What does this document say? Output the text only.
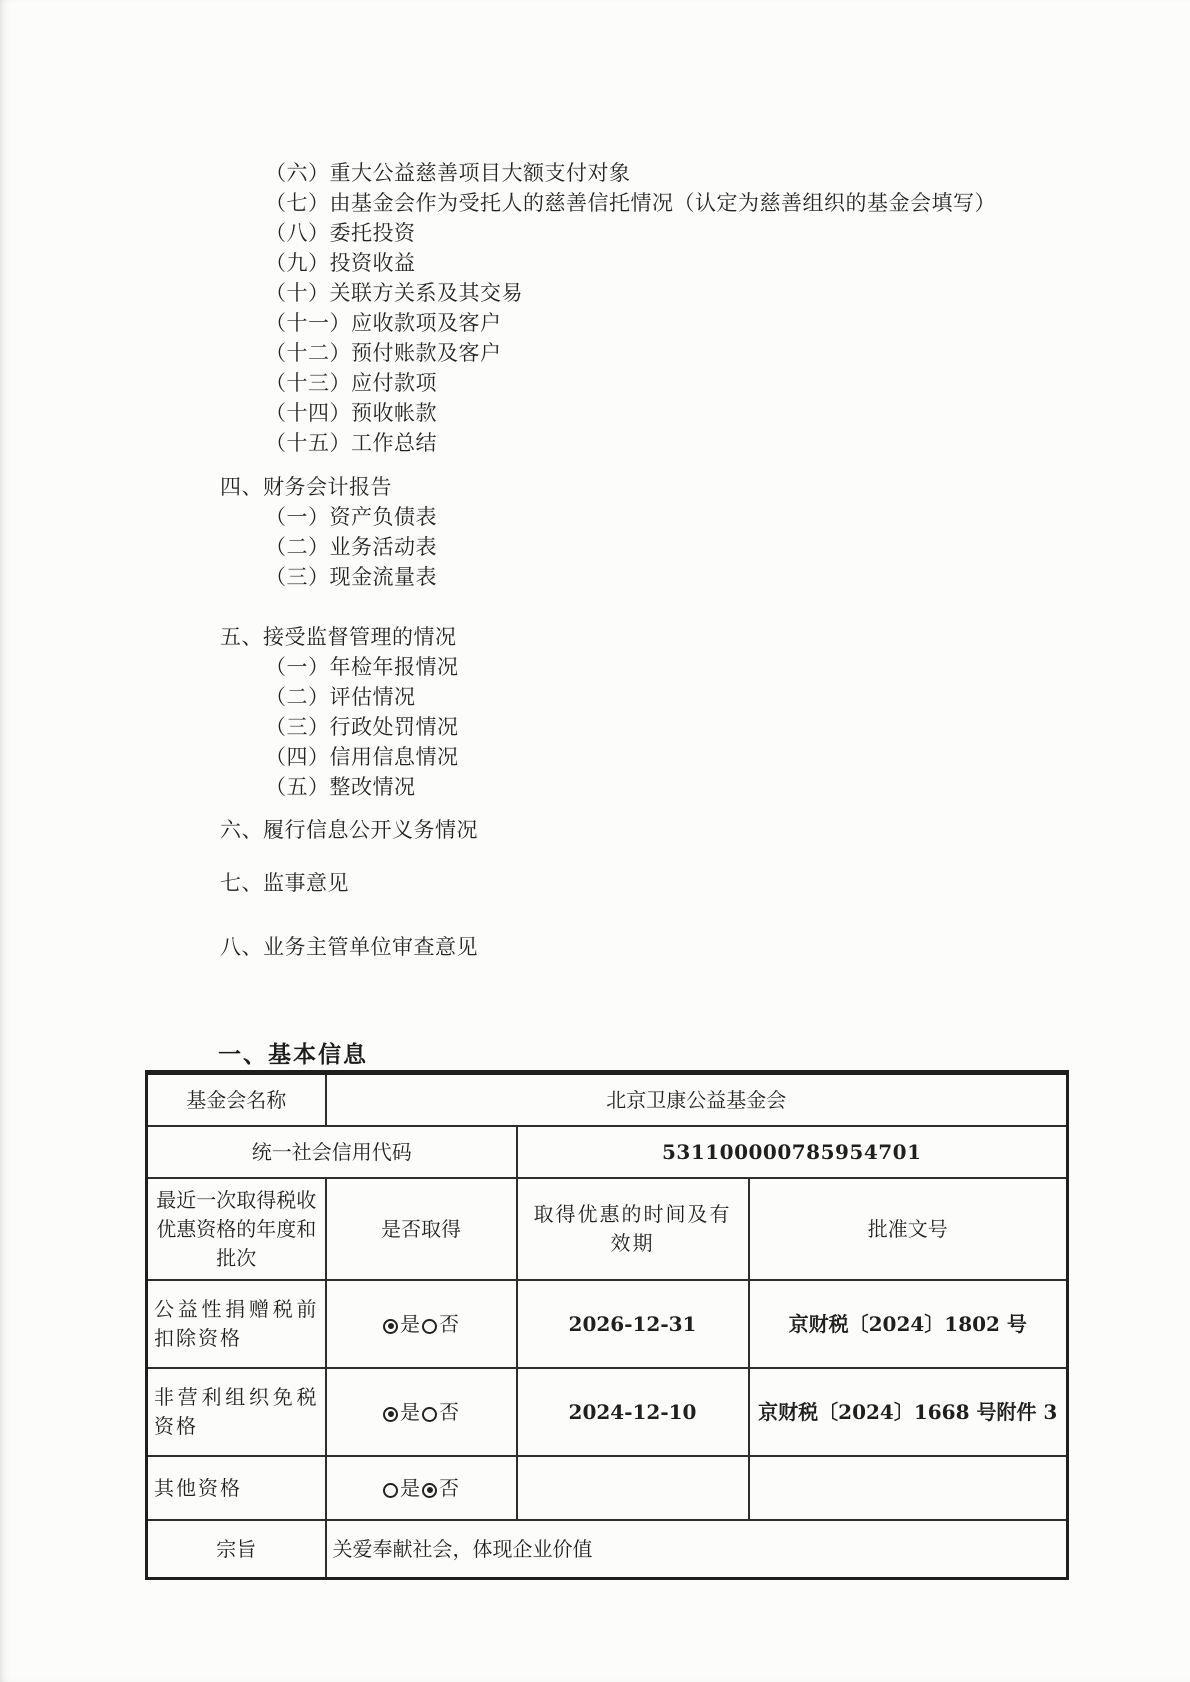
（六）重大公益慈善项目大额支付对象
（七）由基金会作为受托人的慈善信托情况（认定为慈善组织的基金会填写）
（八）委托投资
（九）投资收益
（十）关联方关系及其交易
（十一）应收款项及客户
（十二）预付账款及客户
（十三）应付款项
（十四）预收帐款
（十五）工作总结
四、财务会计报告
（一）资产负债表
（二）业务活动表
（三）现金流量表
五、接受监督管理的情况
（一）年检年报情况
（二）评估情况
（三）行政处罚情况
（四）信用信息情况
（五）整改情况
六、履行信息公开义务情况
七、监事意见
八、业务主管单位审查意见
一、基本信息
基金会名称	北京卫康公益基金会		
统一社会信用代码		531100000785954701	
最近一次取得税收优惠资格的年度和批次	是否取得	取得优惠的时间及有效期	批准文号
公益性捐赠税前扣除资格	是 否	2026-12-31	京财税〔2024〕1802 号
非营利组织免税资格	是 否	2024-12-10	京财税〔2024〕1668 号附件 3
其他资格	是 否		
宗旨	关爱奉献社会，体现企业价值		
